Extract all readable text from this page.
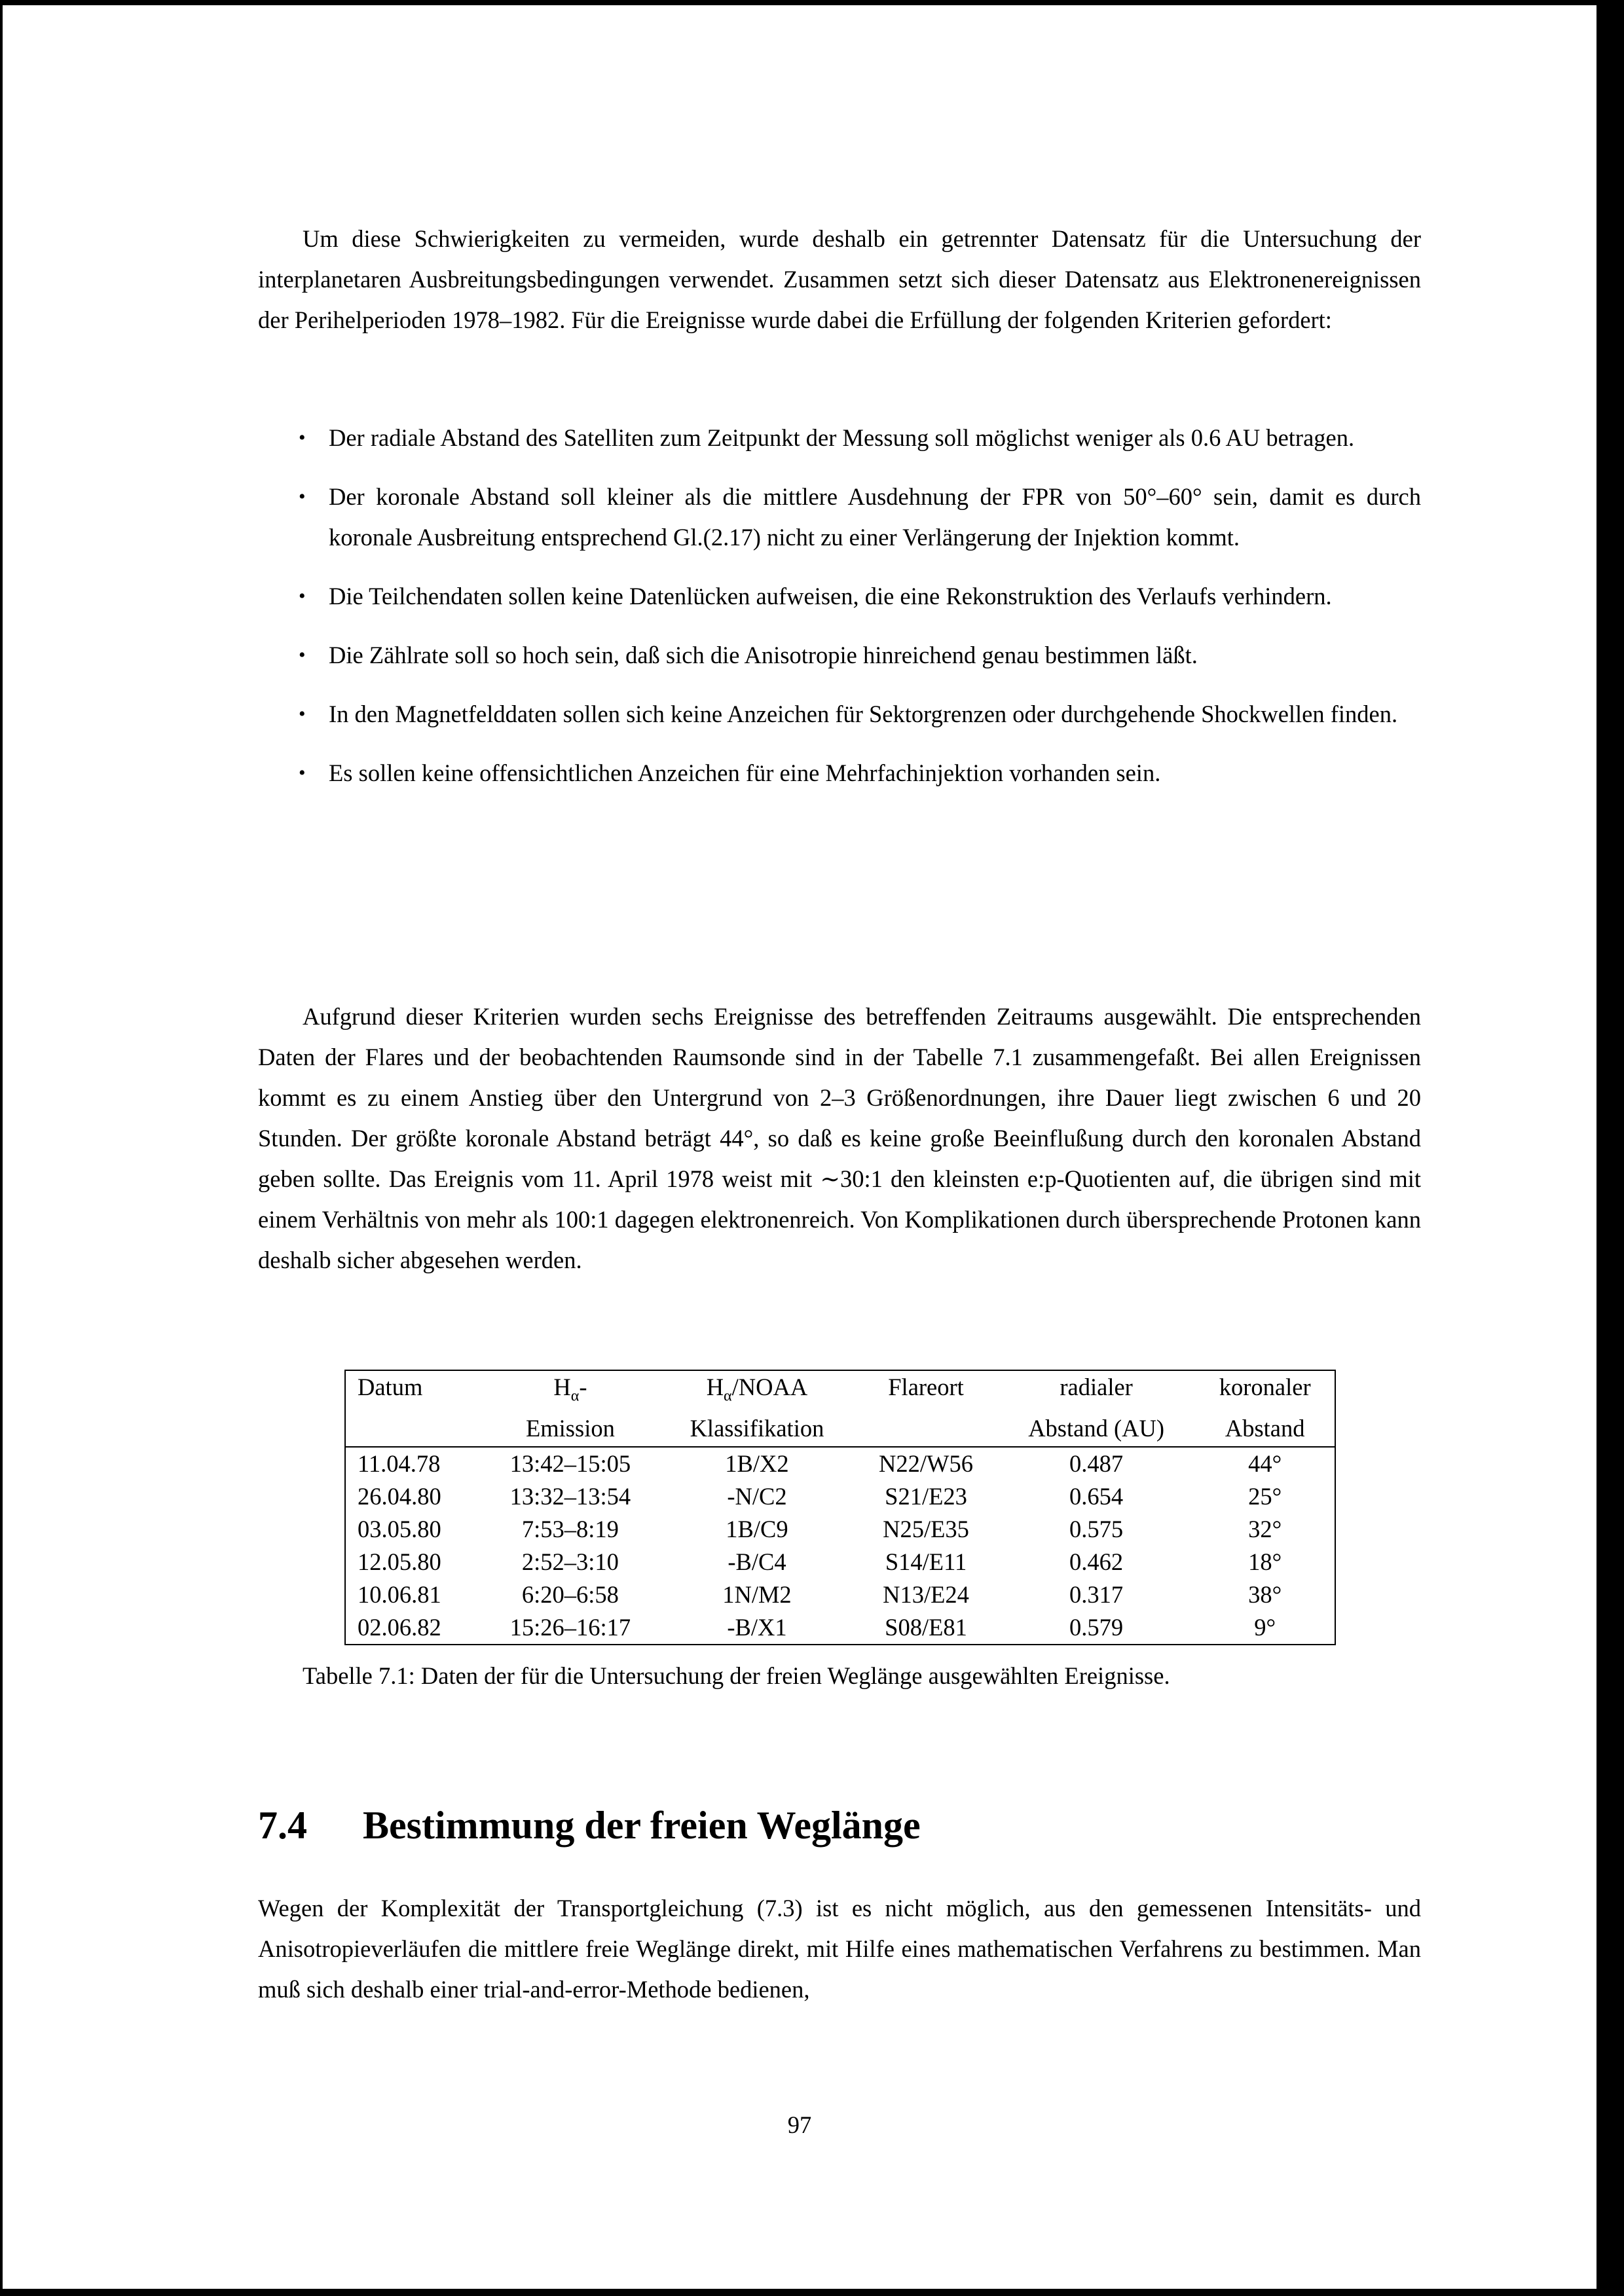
Um diese Schwierigkeiten zu vermeiden, wurde deshalb ein getrennter Datensatz für die Untersuchung der interplanetaren Ausbreitungsbedingungen verwendet. Zusammen setzt sich dieser Datensatz aus Elektronenereignissen der Perihelperioden 1978–1982. Für die Ereignisse wurde dabei die Erfüllung der folgenden Kriterien gefordert:

• Der radiale Abstand des Satelliten zum Zeitpunkt der Messung soll möglichst weniger als 0.6 AU betragen.
• Der koronale Abstand soll kleiner als die mittlere Ausdehnung der FPR von 50°–60° sein, damit es durch koronale Ausbreitung entsprechend Gl.(2.17) nicht zu einer Verlängerung der Injektion kommt.
• Die Teilchendaten sollen keine Datenlücken aufweisen, die eine Rekonstruktion des Verlaufs verhindern.
• Die Zählrate soll so hoch sein, daß sich die Anisotropie hinreichend genau bestimmen läßt.
• In den Magnetfelddaten sollen sich keine Anzeichen für Sektorgrenzen oder durchgehende Shockwellen finden.
• Es sollen keine offensichtlichen Anzeichen für eine Mehrfachinjektion vorhanden sein.

Aufgrund dieser Kriterien wurden sechs Ereignisse des betreffenden Zeitraums ausgewählt. Die entsprechenden Daten der Flares und der beobachtenden Raumsonde sind in der Tabelle 7.1 zusammengefaßt. Bei allen Ereignissen kommt es zu einem Anstieg über den Untergrund von 2–3 Größenordnungen, ihre Dauer liegt zwischen 6 und 20 Stunden. Der größte koronale Abstand beträgt 44°, so daß es keine große Beeinflußung durch den koronalen Abstand geben sollte. Das Ereignis vom 11. April 1978 weist mit ∼30:1 den kleinsten e:p-Quotienten auf, die übrigen sind mit einem Verhältnis von mehr als 100:1 dagegen elektronenreich. Von Komplikationen durch übersprechende Protonen kann deshalb sicher abgesehen werden.

Datum	$H_\alpha-$	$H_\alpha$/NOAA	Flareort	radialer	koronaler
	Emission	Klassifikation		Abstand (AU)	Abstand
11.04.78	13:42–15:05	1B/X2	N22/W56	0.487	44°
26.04.80	13:32–13:54	-N/C2	S21/E23	0.654	25°
03.05.80	7:53–8:19	1B/C9	N25/E35	0.575	32°
12.05.80	2:52–3:10	-B/C4	S14/E11	0.462	18°
10.06.81	6:20–6:58	1N/M2	N13/E24	0.317	38°
02.06.82	15:26–16:17	-B/X1	S08/E81	0.579	9°
Tabelle 7.1: Daten der für die Untersuchung der freien Weglänge ausgewählten Ereignisse.
7.4 Bestimmung der freien Weglänge

Wegen der Komplexität der Transportgleichung (7.3) ist es nicht möglich, aus den gemessenen Intensitäts- und Anisotropieverläufen die mittlere freie Weglänge direkt, mit Hilfe eines mathematischen Verfahrens zu bestimmen. Man muß sich deshalb einer trial-and-error-Methode bedienen,

97
